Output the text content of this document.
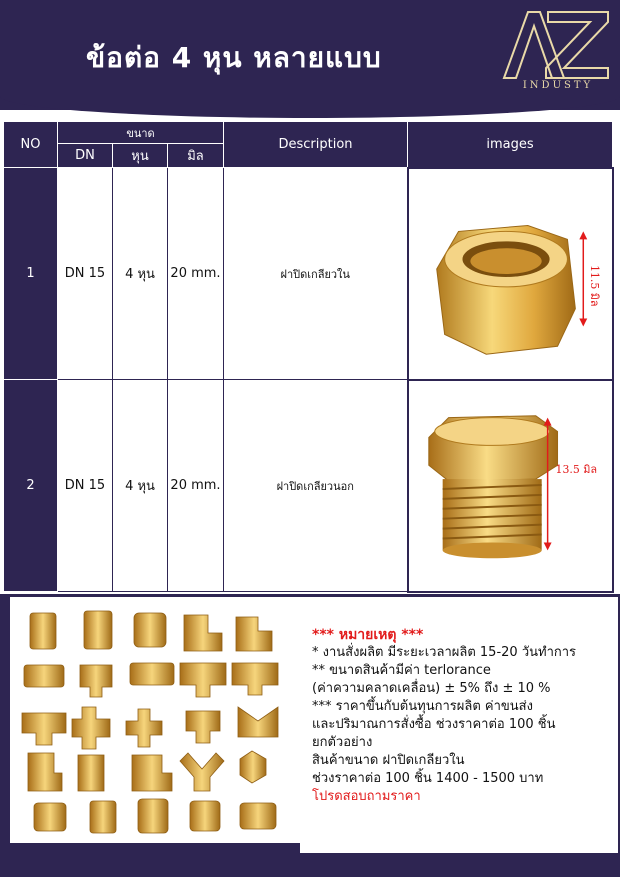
ข้อต่อ 4 หุน หลายแบบ
AZ
INDUSTY
NO	ขนาด			Description	images
	DN	หุน	มิล		
1	DN 15	4 หุน	20 mm.	ฝาปิดเกลียวใน	11.5 มิล

2	DN 15	4 หุน	20 mm.	ฝาปิดเกลียวนอก	13.5 มิล
*** หมายเหตุ ***
* งานสั่งผลิต มีระยะเวลาผลิต 15-20 วันทำการ
** ขนาดสินค้ามีค่า terlorance
(ค่าความคลาดเคลื่อน) ± 5% ถึง ± 10 %
*** ราคาขึ้นกับต้นทุนการผลิต ค่าขนส่ง
และปริมาณการสั่งซื้อ ช่วงราคาต่อ 100 ชิ้น
ยกตัวอย่าง
สินค้าขนาด ฝาปิดเกลียวใน
ช่วงราคาต่อ 100 ชิ้น 1400 - 1500 บาท
โปรดสอบถามราคา
